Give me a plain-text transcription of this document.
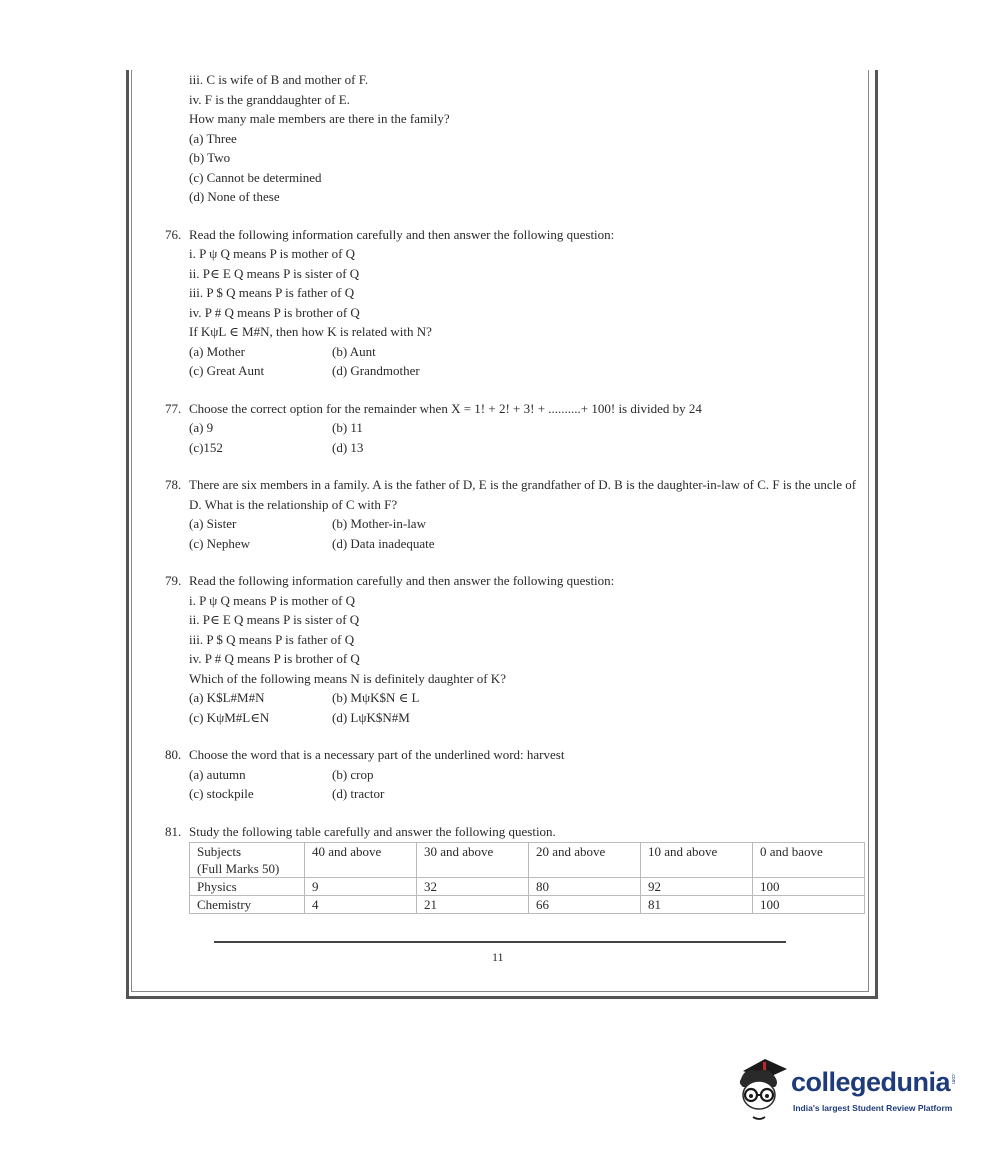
iii. C is wife of B and mother of F.
iv. F is the granddaughter of E.
How many male members are there in the family?
(a) Three
(b) Two
(c) Cannot be determined
(d) None of these
76. Read the following information carefully and then answer the following question:
i. P ψ Q means P is mother of Q
ii. P∈ E Q means P is sister of Q
iii. P $ Q means P is father of Q
iv. P # Q means P is brother of Q
If KψL ∈ M#N, then how K is related with N?
(a) Mother	(b) Aunt
(c) Great Aunt	(d) Grandmother
77. Choose the correct option for the remainder when X = 1! + 2! + 3! + ..........+ 100! is divided by 24
(a) 9	(b) 11
(c)152	(d) 13
78. There are six members in a family. A is the father of D, E is the grandfather of D. B is the daughter-in-law of C. F is the uncle of D. What is the relationship of C with F?
(a) Sister	(b) Mother-in-law
(c) Nephew	(d) Data inadequate
79. Read the following information carefully and then answer the following question:
i. P ψ Q means P is mother of Q
ii. P∈ E Q means P is sister of Q
iii. P $ Q means P is father of Q
iv. P # Q means P is brother of Q
Which of the following means N is definitely daughter of K?
(a) K$L#M#N	(b) MψK$N ∈ L
(c) KψM#L∈N	(d) LψK$N#M
80. Choose the word that is a necessary part of the underlined word: harvest
(a) autumn	(b) crop
(c) stockpile	(d) tractor
81. Study the following table carefully and answer the following question.
Subjects
(Full Marks 50)	40 and above	30 and above	20 and above	10 and above	0 and baove
Physics	9	32	80	92	100
Chemistry	4	21	66	81	100
11
collegedunia .com
India's largest Student Review Platform
